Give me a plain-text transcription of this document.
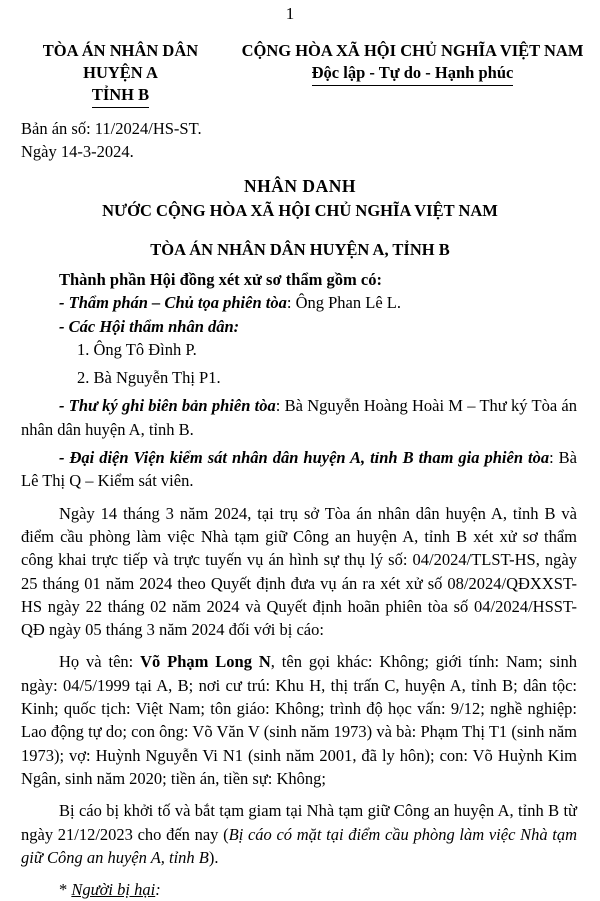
1
TÒA ÁN NHÂN DÂN
HUYỆN A
TỈNH B
CỘNG HÒA XÃ HỘI CHỦ NGHĨA VIỆT NAM
Độc lập - Tự do - Hạnh phúc
Bản án số: 11/2024/HS-ST.
Ngày 14-3-2024.
NHÂN DANH
NƯỚC CỘNG HÒA XÃ HỘI CHỦ NGHĨA VIỆT NAM
TÒA ÁN NHÂN DÂN HUYỆN A, TỈNH B

Thành phần Hội đồng xét xử sơ thẩm gồm có:

- Thẩm phán – Chủ tọa phiên tòa: Ông Phan Lê L.

- Các Hội thẩm nhân dân:

1. Ông Tô Đình P.

2. Bà Nguyễn Thị P1.

- Thư ký ghi biên bản phiên tòa: Bà Nguyễn Hoàng Hoài M – Thư ký Tòa án nhân dân huyện A, tỉnh B.

- Đại diện Viện kiểm sát nhân dân huyện A, tỉnh B tham gia phiên tòa: Bà Lê Thị Q – Kiểm sát viên.

Ngày 14 tháng 3 năm 2024, tại trụ sở Tòa án nhân dân huyện A, tỉnh B và điểm cầu phòng làm việc Nhà tạm giữ Công an huyện A, tỉnh B xét xử sơ thẩm công khai trực tiếp và trực tuyến vụ án hình sự thụ lý số: 04/2024/TLST-HS, ngày 25 tháng 01 năm 2024 theo Quyết định đưa vụ án ra xét xử số 08/2024/QĐXXST-HS ngày 22 tháng 02 năm 2024 và Quyết định hoãn phiên tòa số 04/2024/HSST-QĐ ngày 05 tháng 3 năm 2024 đối với bị cáo:

Họ và tên: Võ Phạm Long N, tên gọi khác: Không; giới tính: Nam; sinh ngày: 04/5/1999 tại A, B; nơi cư trú: Khu H, thị trấn C, huyện A, tỉnh B; dân tộc: Kinh; quốc tịch: Việt Nam; tôn giáo: Không; trình độ học vấn: 9/12; nghề nghiệp: Lao động tự do; con ông: Võ Văn V (sinh năm 1973) và bà: Phạm Thị T1 (sinh năm 1973); vợ: Huỳnh Nguyễn Vi N1 (sinh năm 2001, đã ly hôn); con: Võ Huỳnh Kim Ngân, sinh năm 2020; tiền án, tiền sự: Không;

Bị cáo bị khởi tố và bắt tạm giam tại Nhà tạm giữ Công an huyện A, tỉnh B từ ngày 21/12/2023 cho đến nay (Bị cáo có mặt tại điểm cầu phòng làm việc Nhà tạm giữ Công an huyện A, tỉnh B).

* Người bị hại:
